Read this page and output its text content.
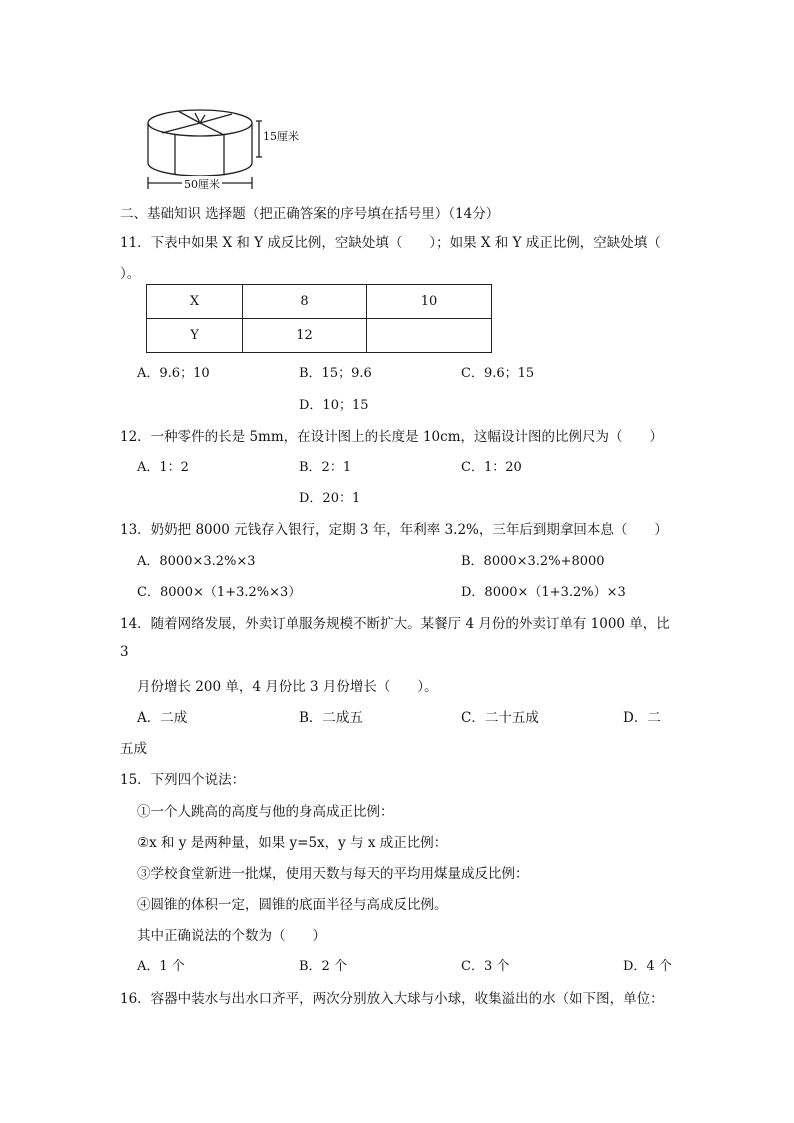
15厘米
50厘米
二、基础知识 选择题（把正确答案的序号填在括号里）（14分）
11．下表中如果 X 和 Y 成反比例，空缺处填（　　）；如果 X 和 Y 成正比例，空缺处填（
）。
X	8	10
Y	12	
A．9.6；10	B．15；9.6	C．9.6；15
D．10；15
12．一种零件的长是 5mm，在设计图上的长度是 10cm，这幅设计图的比例尺为（　　）
A．1：2	B．2：1	C．1：20
D．20：1
13．奶奶把 8000 元钱存入银行，定期 3 年，年利率 3.2%，三年后到期拿回本息（　　）
A．8000×3.2%×3	B．8000×3.2%+8000
C．8000×（1+3.2%×3）	D．8000×（1+3.2%）×3
14．随着网络发展，外卖订单服务规模不断扩大。某餐厅 4 月份的外卖订单有 1000 单，比
3
月份增长 200 单，4 月份比 3 月份增长（　　）。
A．二成	B．二成五	C．二十五成	D．二
五成
15．下列四个说法：
①一个人跳高的高度与他的身高成正比例：
②x 和 y 是两种量，如果 y=5x，y 与 x 成正比例：
③学校食堂新进一批煤，使用天数与每天的平均用煤量成反比例：
④圆锥的体积一定，圆锥的底面半径与高成反比例。
其中正确说法的个数为（　　）
A．1 个	B．2 个	C．3 个	D．4 个
16．容器中装水与出水口齐平，两次分别放入大球与小球，收集溢出的水（如下图，单位：
